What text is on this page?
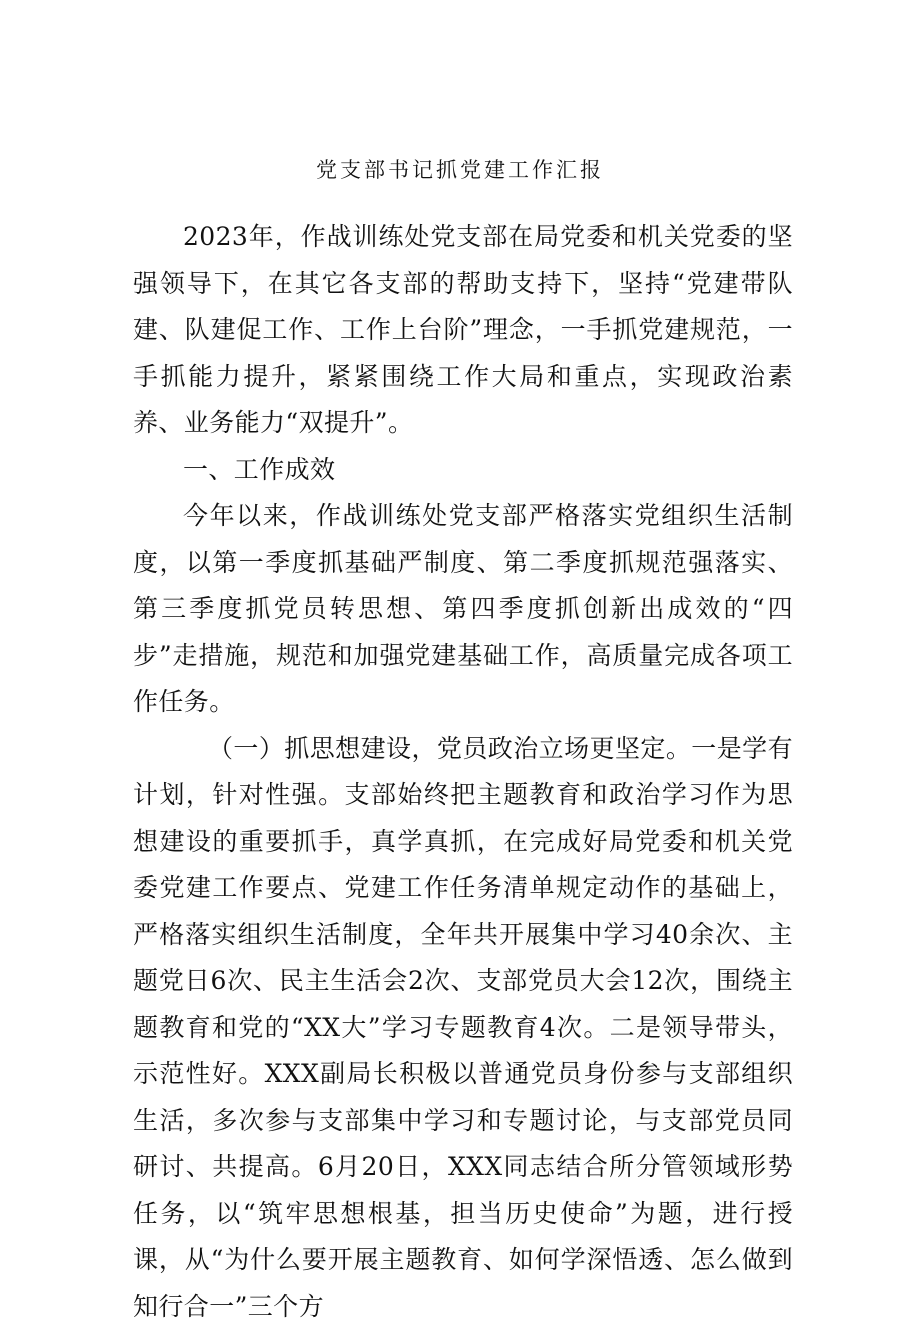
党支部书记抓党建工作汇报

2023年，作战训练处党支部在局党委和机关党委的坚强领导下，在其它各支部的帮助支持下，坚持“党建带队建、队建促工作、工作上台阶”理念，一手抓党建规范，一手抓能力提升，紧紧围绕工作大局和重点，实现政治素养、业务能力“双提升”。

一、工作成效

今年以来，作战训练处党支部严格落实党组织生活制度，以第一季度抓基础严制度、第二季度抓规范强落实、第三季度抓党员转思想、第四季度抓创新出成效的“四步”走措施，规范和加强党建基础工作，高质量完成各项工作任务。

（一）抓思想建设，党员政治立场更坚定。一是学有计划，针对性强。支部始终把主题教育和政治学习作为思想建设的重要抓手，真学真抓，在完成好局党委和机关党委党建工作要点、党建工作任务清单规定动作的基础上，严格落实组织生活制度，全年共开展集中学习40余次、主题党日6次、民主生活会2次、支部党员大会12次，围绕主题教育和党的“XX大”学习专题教育4次。二是领导带头，示范性好。XXX副局长积极以普通党员身份参与支部组织生活，多次参与支部集中学习和专题讨论，与支部党员同研讨、共提高。6月20日，XXX同志结合所分管领域形势任务，以“筑牢思想根基，担当历史使命”为题，进行授课，从“为什么要开展主题教育、如何学深悟透、怎么做到知行合一”三个方
